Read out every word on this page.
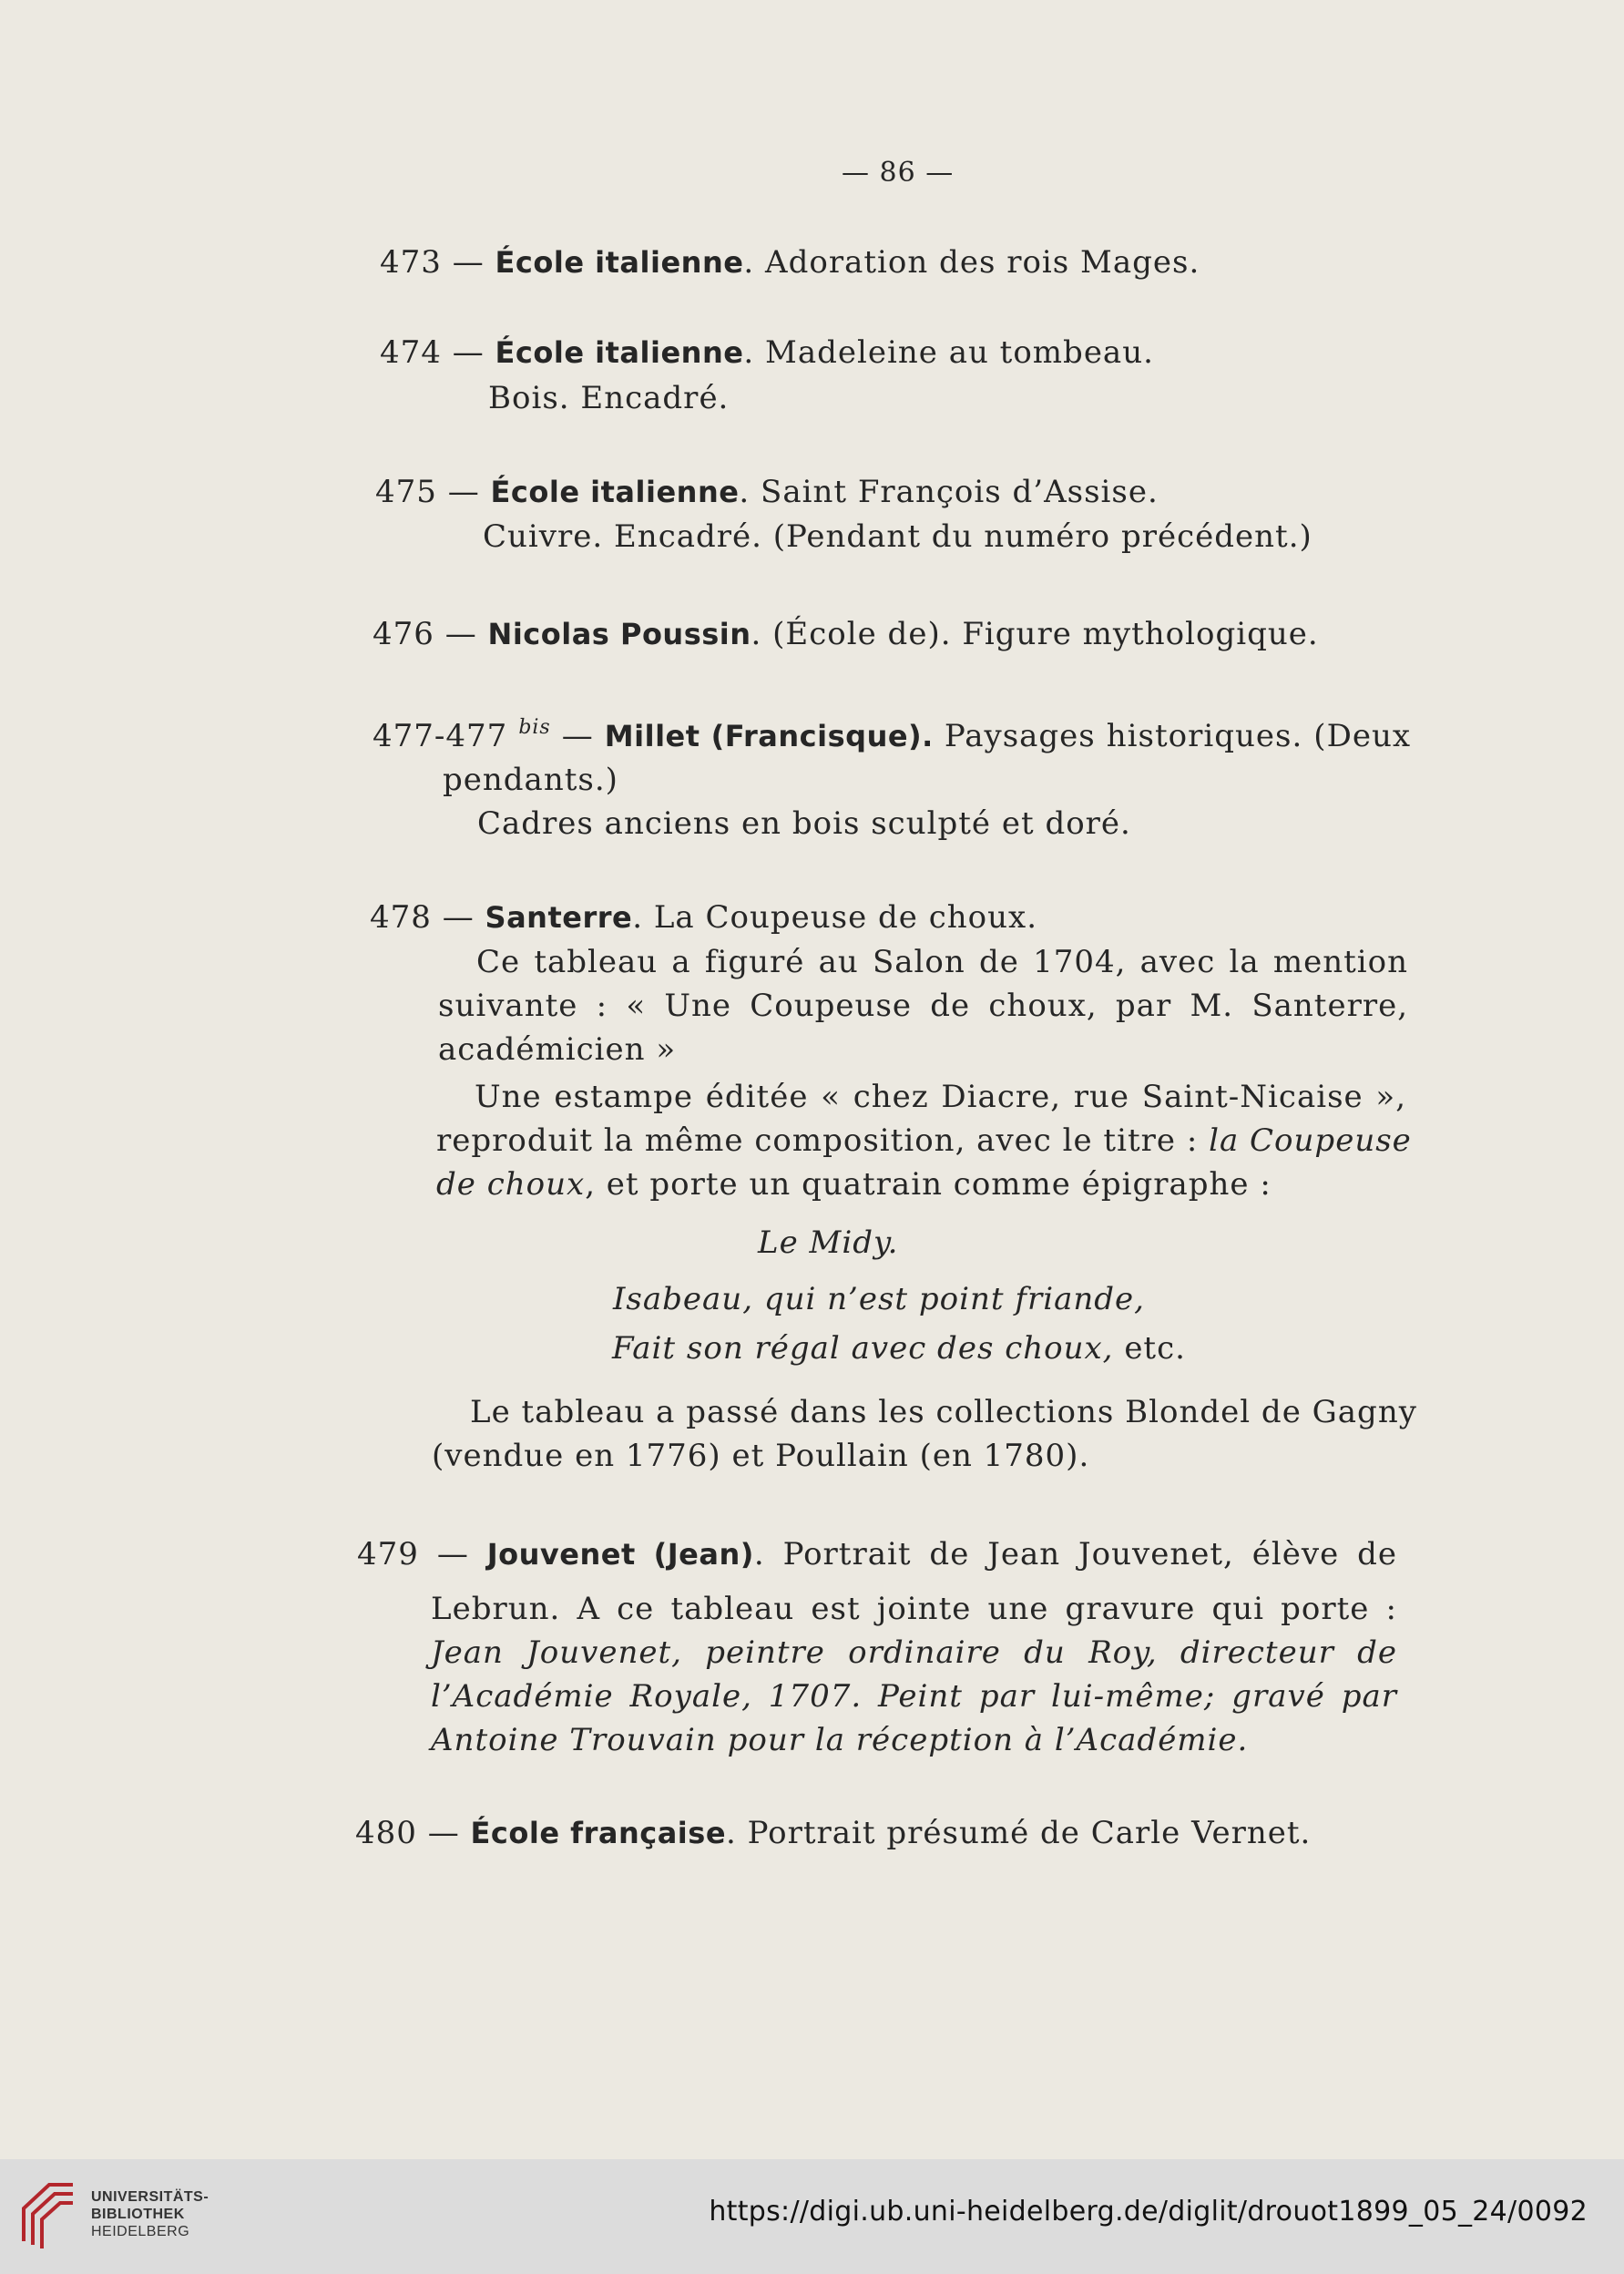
— 86 —
473 — École italienne. Adoration des rois Mages.
474 — École italienne. Madeleine au tombeau.
Bois. Encadré.
475 — École italienne. Saint François d’Assise.
Cuivre. Encadré. (Pendant du numéro précédent.)
476 — Nicolas Poussin. (École de). Figure mythologique.
477-477 $^{bis}$ — Millet (Francisque). Paysages historiques. (Deux
pendants.)
Cadres anciens en bois sculpté et doré.
478 — Santerre. La Coupeuse de choux.
Ce tableau a figuré au Salon de 1704, avec la mention
suivante : « Une Coupeuse de choux, par M. Santerre,
académicien »
Une estampe éditée « chez Diacre, rue Saint-Nicaise »,
reproduit la même composition, avec le titre : la Coupeuse
de choux, et porte un quatrain comme épigraphe :
Le Midy.
Isabeau, qui n’est point friande,
Fait son régal avec des choux, etc.
Le tableau a passé dans les collections Blondel de Gagny
(vendue en 1776) et Poullain (en 1780).
479 — Jouvenet (Jean). Portrait de Jean Jouvenet, élève de
Lebrun. A ce tableau est jointe une gravure qui porte :
Jean Jouvenet, peintre ordinaire du Roy, directeur de
l’Académie Royale, 1707. Peint par lui-même; gravé par
Antoine Trouvain pour la réception à l’Académie.
480 — École française. Portrait présumé de Carle Vernet.
UNIVERSITÄTS-
BIBLIOTHEK
HEIDELBERG
https://digi.ub.uni-heidelberg.de/diglit/drouot1899_05_24/0092
